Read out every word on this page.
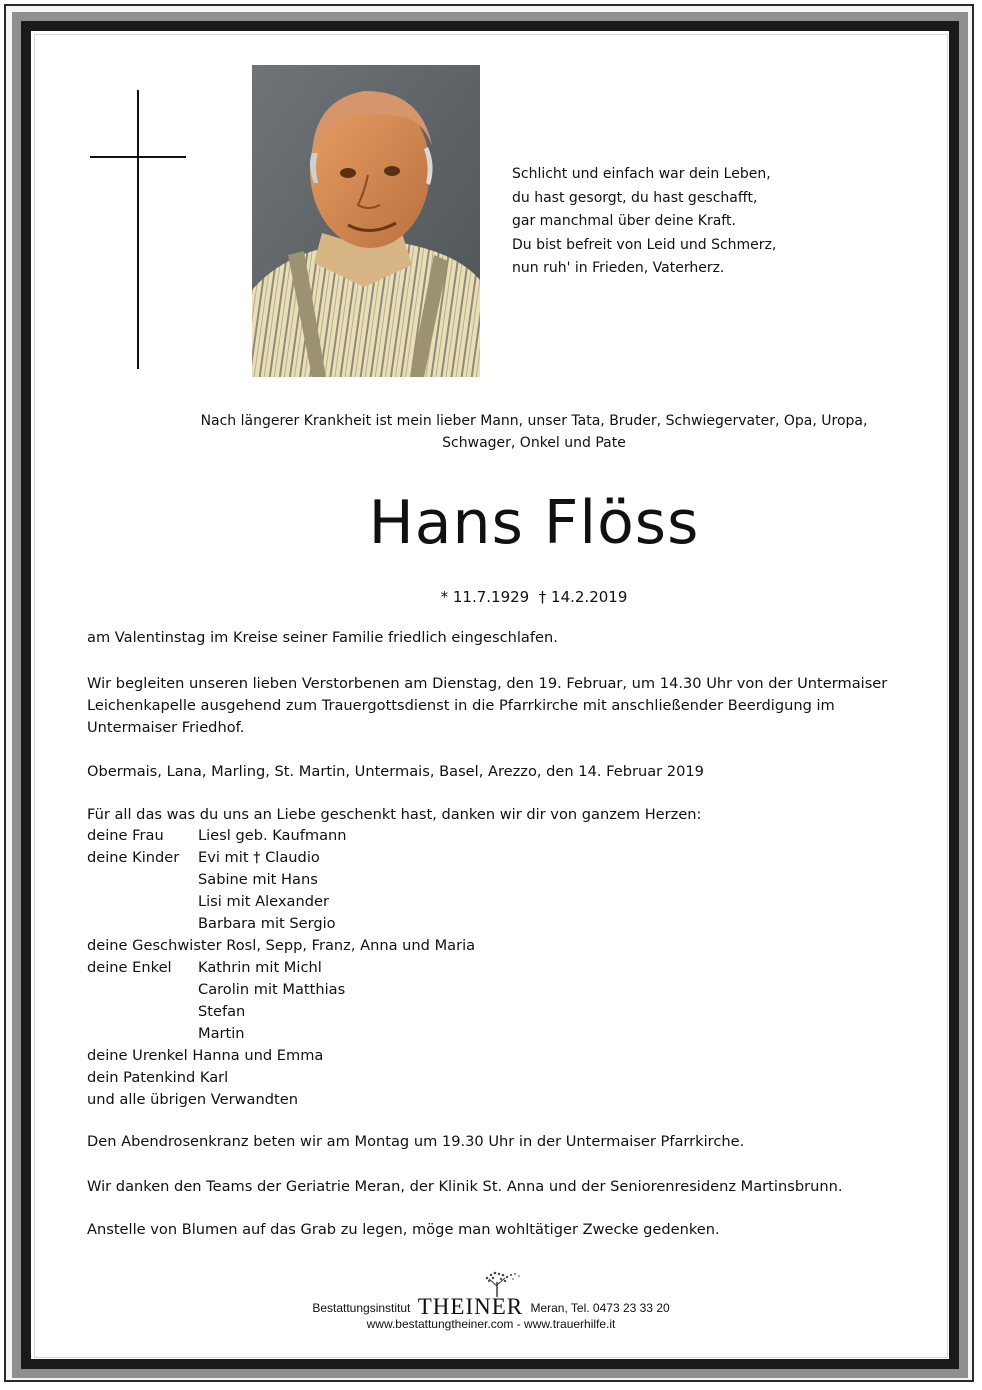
Schlicht und einfach war dein Leben,
du hast gesorgt, du hast geschafft,
gar manchmal über deine Kraft.
Du bist befreit von Leid und Schmerz,
nun ruh' in Frieden, Vaterherz.
Nach längerer Krankheit ist mein lieber Mann, unser Tata, Bruder, Schwiegervater, Opa, Uropa,
Schwager, Onkel und Pate
Hans Flöss
* 11.7.1929  † 14.2.2019
am Valentinstag im Kreise seiner Familie friedlich eingeschlafen.
Wir begleiten unseren lieben Verstorbenen am Dienstag, den 19. Februar, um 14.30 Uhr von der Untermaiser
Leichenkapelle ausgehend zum Trauergottsdienst in die Pfarrkirche mit anschließender Beerdigung im
Untermaiser Friedhof.
Obermais, Lana, Marling, St. Martin, Untermais, Basel, Arezzo, den 14. Februar 2019
Für all das was du uns an Liebe geschenkt hast, danken wir dir von ganzem Herzen:
deine Frau Liesl geb. Kaufmann
deine Kinder Evi mit † Claudio
Sabine mit Hans
Lisi mit Alexander
Barbara mit Sergio
deine Geschwister Rosl, Sepp, Franz, Anna und Maria
deine Enkel Kathrin mit Michl
Carolin mit Matthias
Stefan
Martin
deine Urenkel Hanna und Emma
dein Patenkind Karl
und alle übrigen Verwandten
Den Abendrosenkranz beten wir am Montag um 19.30 Uhr in der Untermaiser Pfarrkirche.
Wir danken den Teams der Geriatrie Meran, der Klinik St. Anna und der Seniorenresidenz Martinsbrunn.
Anstelle von Blumen auf das Grab zu legen, möge man wohltätiger Zwecke gedenken.
Bestattungsinstitut THEINER Meran, Tel. 0473 23 33 20
www.bestattungtheiner.com - www.trauerhilfe.it
